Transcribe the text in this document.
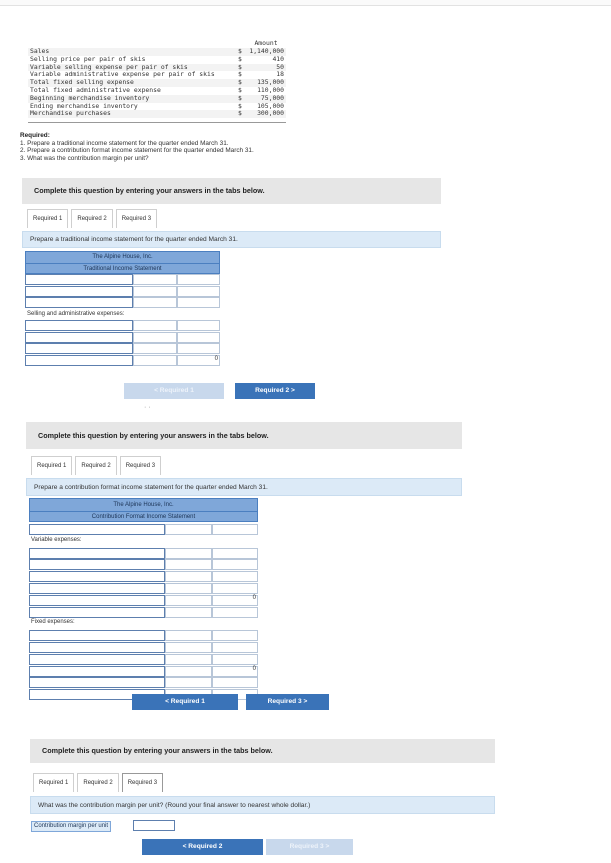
Amount
Sales	$ 1,140,000
Selling price per pair of skis	$	410
Variable selling expense per pair of skis	$	50
Variable administrative expense per pair of skis	$	18
Total fixed selling expense	$ 135,000
Total fixed administrative expense	$ 110,000
Beginning merchandise inventory	$	75,000
Ending merchandise inventory	$ 105,000
Merchandise purchases	$ 300,000
Required:
1. Prepare a traditional income statement for the quarter ended March 31.
2. Prepare a contribution format income statement for the quarter ended March 31.
3. What was the contribution margin per unit?
Complete this question by entering your answers in the tabs below.
Required 1	Required 2	Required 3
Prepare a traditional income statement for the quarter ended March 31.
The Alpine House, Inc.
Traditional Income Statement
Selling and administrative expenses:
0
< Required 1	Required 2 >
· ·
Complete this question by entering your answers in the tabs below.
Required 1	Required 2	Required 3
Prepare a contribution format income statement for the quarter ended March 31.
The Alpine House, Inc.
Contribution Format Income Statement
Variable expenses:
0
Fixed expenses:
0
< Required 1	Required 3 >
Complete this question by entering your answers in the tabs below.
Required 1	Required 2	Required 3
What was the contribution margin per unit? (Round your final answer to nearest whole dollar.)
Contribution margin per unit
< Required 2	Required 3 >
